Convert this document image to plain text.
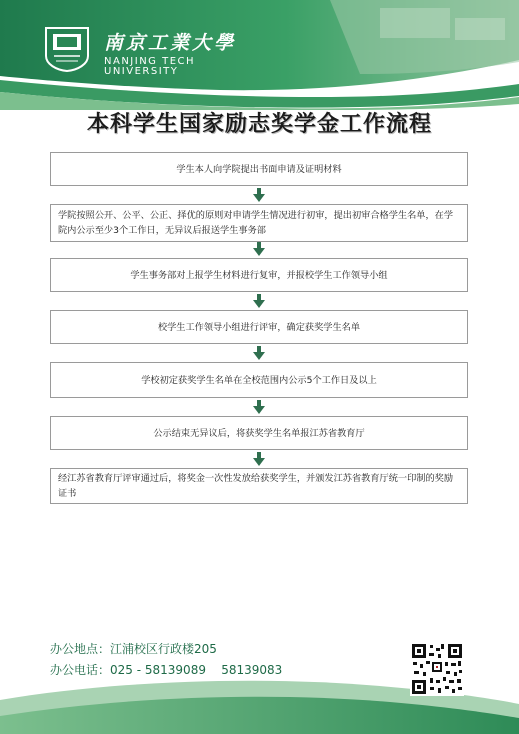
南京工業大學
NANJING TECH
UNIVERSITY
本科学生国家励志奖学金工作流程
学生本人向学院提出书面申请及证明材料
学院按照公开、公平、公正、择优的原则对申请学生情况进行初审，提出初审合格学生名单，在学院内公示至少3个工作日，无异议后报送学生事务部
学生事务部对上报学生材料进行复审，并报校学生工作领导小组
校学生工作领导小组进行评审，确定获奖学生名单
学校初定获奖学生名单在全校范围内公示5个工作日及以上
公示结束无异议后，将获奖学生名单报江苏省教育厅
经江苏省教育厅评审通过后，将奖金一次性发放给获奖学生，并颁发江苏省教育厅统一印制的奖励证书
办公地点：江浦校区行政楼205
办公电话：025 - 58139089    58139083
